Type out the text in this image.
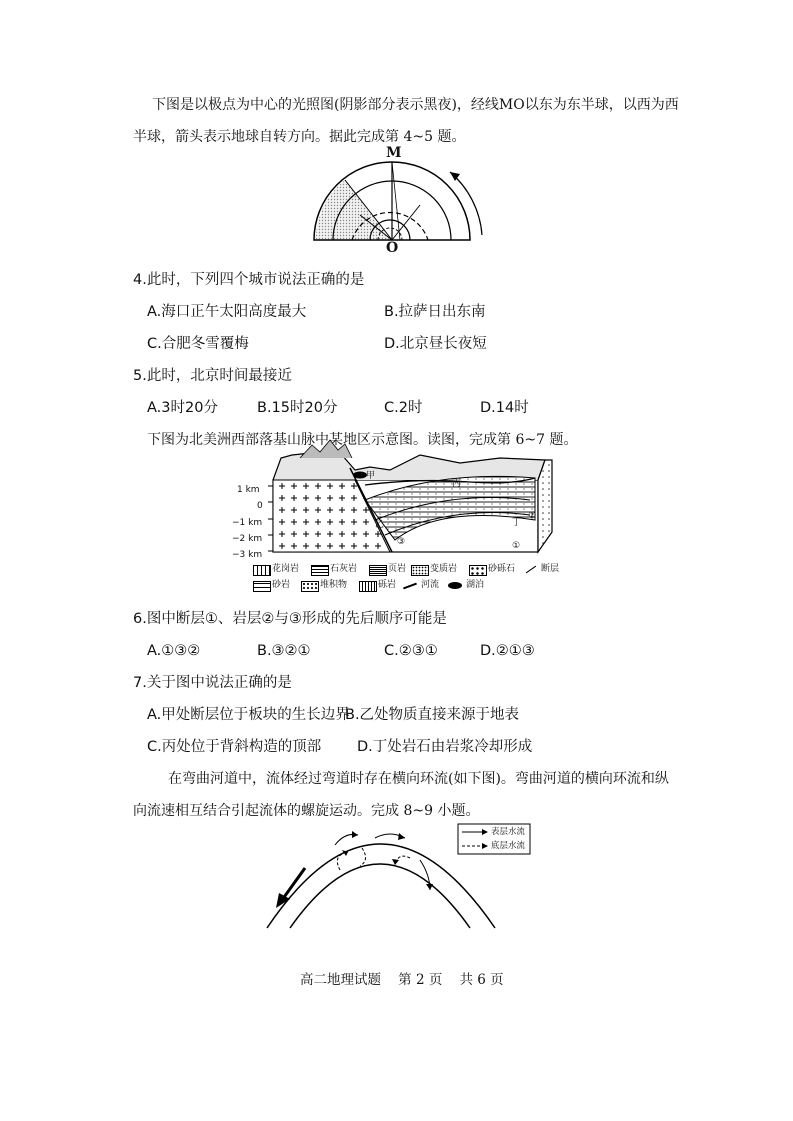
下图是以极点为中心的光照图(阴影部分表示黑夜)，经线MO以东为东半球，以西为西
半球，箭头表示地球自转方向。据此完成第 4~5 题。
M
O
4.此时，下列四个城市说法正确的是
A.海口正午太阳高度最大	B.拉萨日出东南
C.合肥冬雪覆梅	D.北京昼长夜短
5.此时，北京时间最接近
A.3时20分	B.15时20分	C.2时	D.14时
下图为北美洲西部落基山脉中某地区示意图。读图，完成第 6~7 题。
1 km
0
−1 km
−2 km
−3 km
甲
丙
乙	丁
①
②
③
花岗岩	石灰岩	页岩	变质岩	砂砾石	断层
砂岩	堆积物	砾岩	河流	湖泊
6.图中断层①、岩层②与③形成的先后顺序可能是
A.①③②	B.③②①	C.②③①	D.②①③
7.关于图中说法正确的是
A.甲处断层位于板块的生长边界
B.乙处物质直接来源于地表
C.丙处位于背斜构造的顶部 D.丁处岩石由岩浆冷却形成
在弯曲河道中，流体经过弯道时存在横向环流(如下图)。弯曲河道的横向环流和纵
向流速相互结合引起流体的螺旋运动。完成 8~9 小题。
表层水流
底层水流
高二地理试题    第 2 页    共 6 页
